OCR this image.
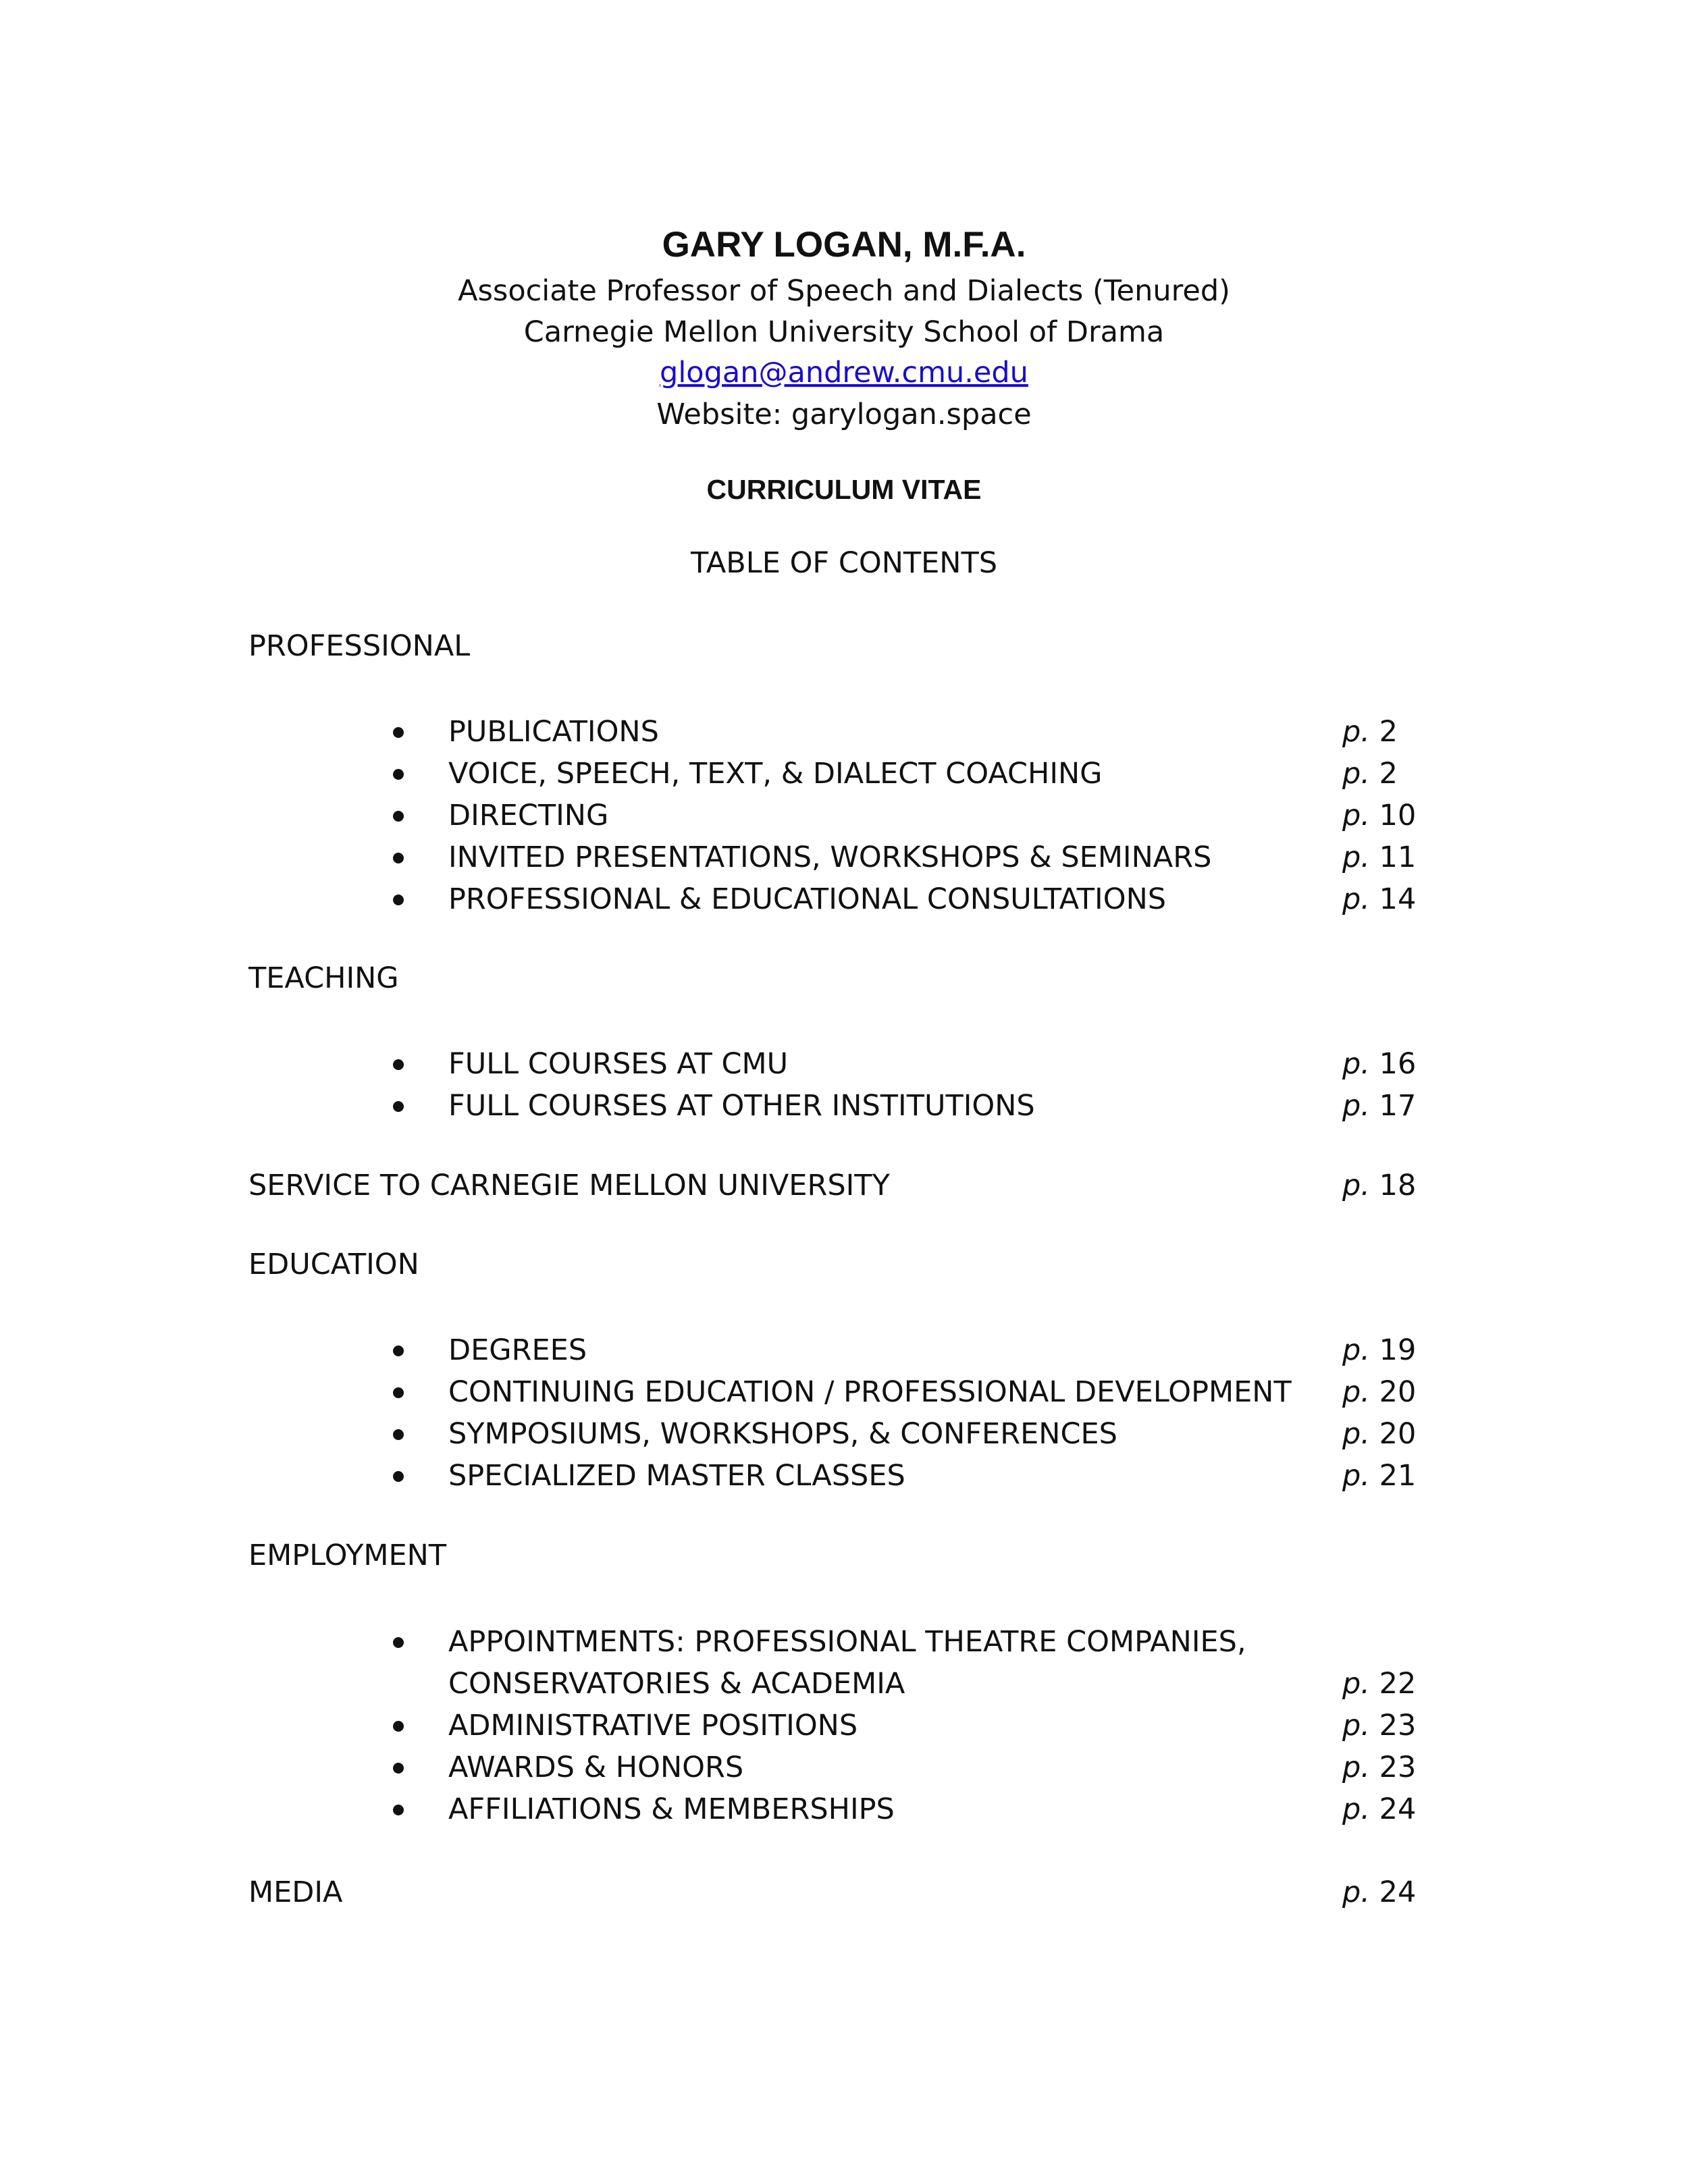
GARY LOGAN, M.F.A.
Associate Professor of Speech and Dialects (Tenured)
Carnegie Mellon University School of Drama
glogan@andrew.cmu.edu
Website: garylogan.space
CURRICULUM VITAE
TABLE OF CONTENTS
PROFESSIONAL
PUBLICATIONS	p. 2
VOICE, SPEECH, TEXT, & DIALECT COACHING	p. 2
DIRECTING	p. 10
INVITED PRESENTATIONS, WORKSHOPS & SEMINARS	p. 11
PROFESSIONAL & EDUCATIONAL CONSULTATIONS	p. 14
TEACHING
FULL COURSES AT CMU	p. 16
FULL COURSES AT OTHER INSTITUTIONS	p. 17
SERVICE TO CARNEGIE MELLON UNIVERSITY	p. 18
EDUCATION
DEGREES	p. 19
CONTINUING EDUCATION / PROFESSIONAL DEVELOPMENT p. 20
SYMPOSIUMS, WORKSHOPS, & CONFERENCES	p. 20
SPECIALIZED MASTER CLASSES	p. 21
EMPLOYMENT
APPOINTMENTS: PROFESSIONAL THEATRE COMPANIES,
CONSERVATORIES & ACADEMIA	p. 22
ADMINISTRATIVE POSITIONS	p. 23
AWARDS & HONORS	p. 23
AFFILIATIONS & MEMBERSHIPS	p. 24
MEDIA	p. 24
